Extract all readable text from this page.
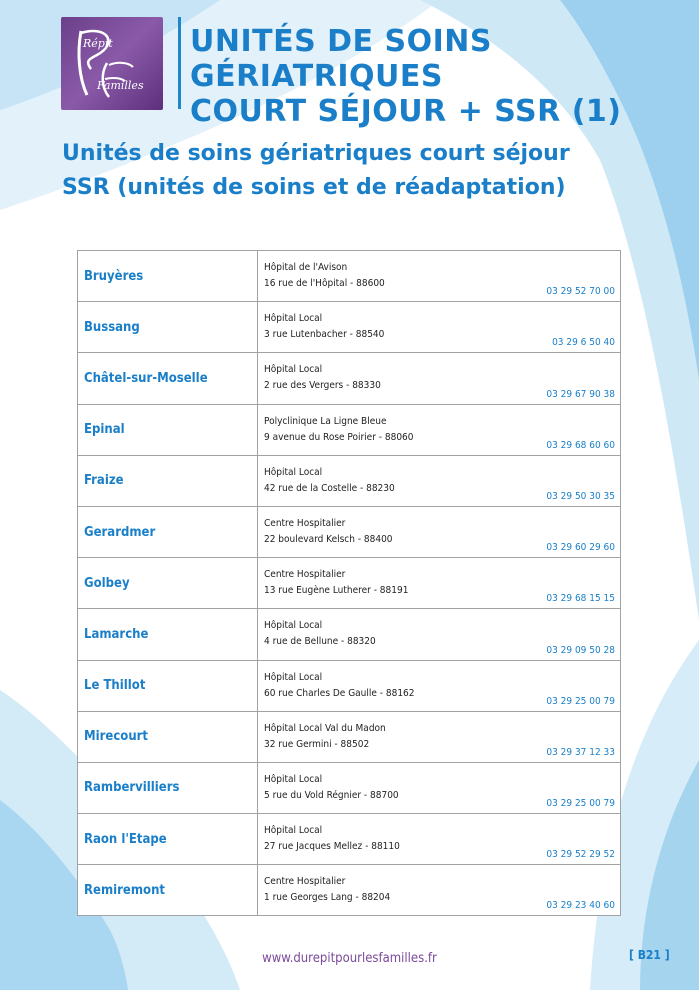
Répit
Familles
UNITÉS DE SOINS GÉRIATRIQUES
COURT SÉJOUR + SSR (1)
Unités de soins gériatriques court séjour
SSR (unités de soins et de réadaptation)
Bruyères	Hôpital de l'Avison
16 rue de l'Hôpital - 88600
03 29 52 70 00

Bussang	Hôpital Local
3 rue Lutenbacher - 88540
03 29 6 50 40

Châtel-sur-Moselle	Hôpital Local
2 rue des Vergers - 88330
03 29 67 90 38

Epinal	Polyclinique La Ligne Bleue
9 avenue du Rose Poirier - 88060
03 29 68 60 60

Fraize	Hôpital Local
42 rue de la Costelle - 88230
03 29 50 30 35

Gerardmer	Centre Hospitalier
22 boulevard Kelsch - 88400
03 29 60 29 60

Golbey	Centre Hospitalier
13 rue Eugène Lutherer - 88191
03 29 68 15 15

Lamarche	Hôpital Local
4 rue de Bellune - 88320
03 29 09 50 28

Le Thillot	Hôpital Local
60 rue Charles De Gaulle - 88162
03 29 25 00 79

Mirecourt	Hôpital Local Val du Madon
32 rue Germini - 88502
03 29 37 12 33

Rambervilliers	Hôpital Local
5 rue du Vold Régnier - 88700
03 29 25 00 79

Raon l'Etape	Hôpital Local
27 rue Jacques Mellez - 88110
03 29 52 29 52

Remiremont	Centre Hospitalier
1 rue Georges Lang - 88204
03 29 23 40 60
www.durepitpourlesfamilles.fr	[ B21 ]
